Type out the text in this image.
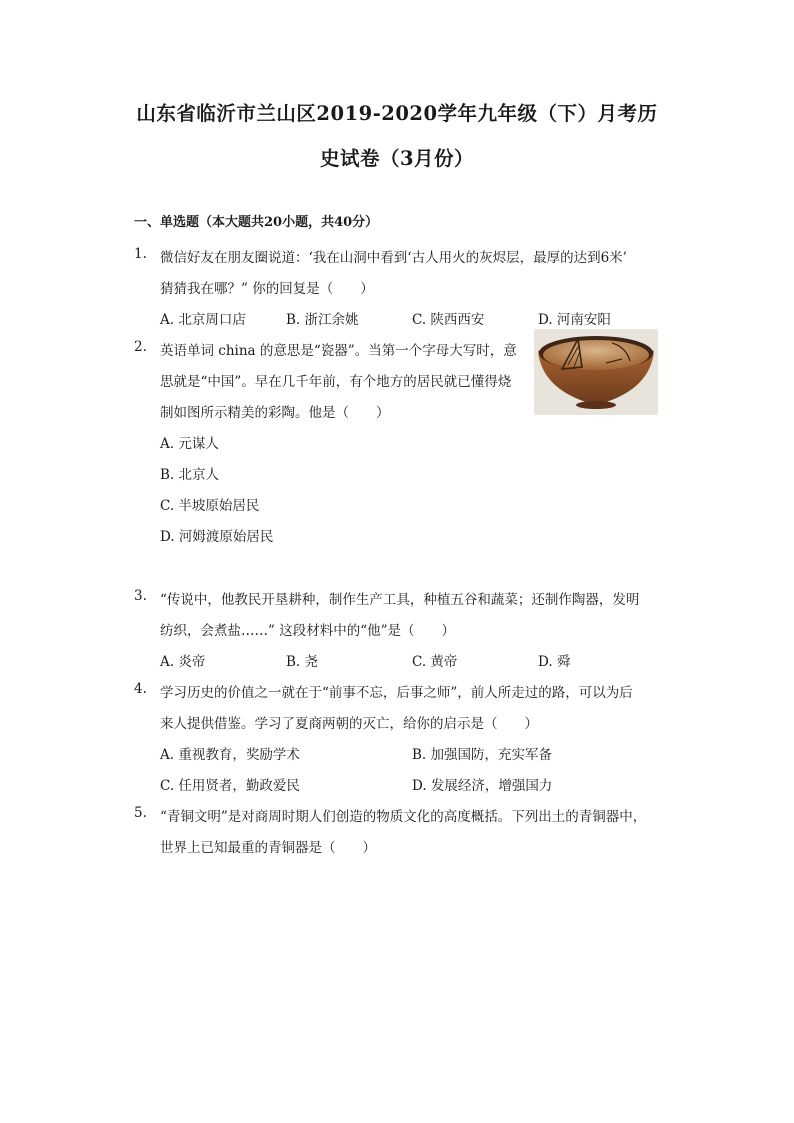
山东省临沂市兰山区2019-2020学年九年级（下）月考历
史试卷（3月份）
一、单选题（本大题共20小题，共40分）
1. 微信好友在朋友圈说道：‘我在山洞中看到‘古人用火的灰烬层，最厚的达到6米’
猜猜我在哪？” 你的回复是（　　）
A. 北京周口店	B. 浙江余姚	C. 陕西西安	D. 河南安阳
2. 英语单词 china 的意思是“瓷器”。当第一个字母大写时，意
思就是“中国”。早在几千年前，有个地方的居民就已懂得烧
制如图所示精美的彩陶。他是（　　）
A. 元谋人
B. 北京人
C. 半坡原始居民
D. 河姆渡原始居民
3. “传说中，他教民开垦耕种，制作生产工具，种植五谷和蔬菜；还制作陶器，发明
纺织，会煮盐……” 这段材料中的“他”是（　　）
A. 炎帝	B. 尧	C. 黄帝	D. 舜
4. 学习历史的价值之一就在于“前事不忘，后事之师”，前人所走过的路，可以为后
来人提供借鉴。学习了夏商两朝的灭亡，给你的启示是（　　）
A. 重视教育，奖励学术	B. 加强国防，充实军备
C. 任用贤者，勤政爱民	D. 发展经济，增强国力
5. “青铜文明”是对商周时期人们创造的物质文化的高度概括。下列出土的青铜器中，
世界上已知最重的青铜器是（　　）
